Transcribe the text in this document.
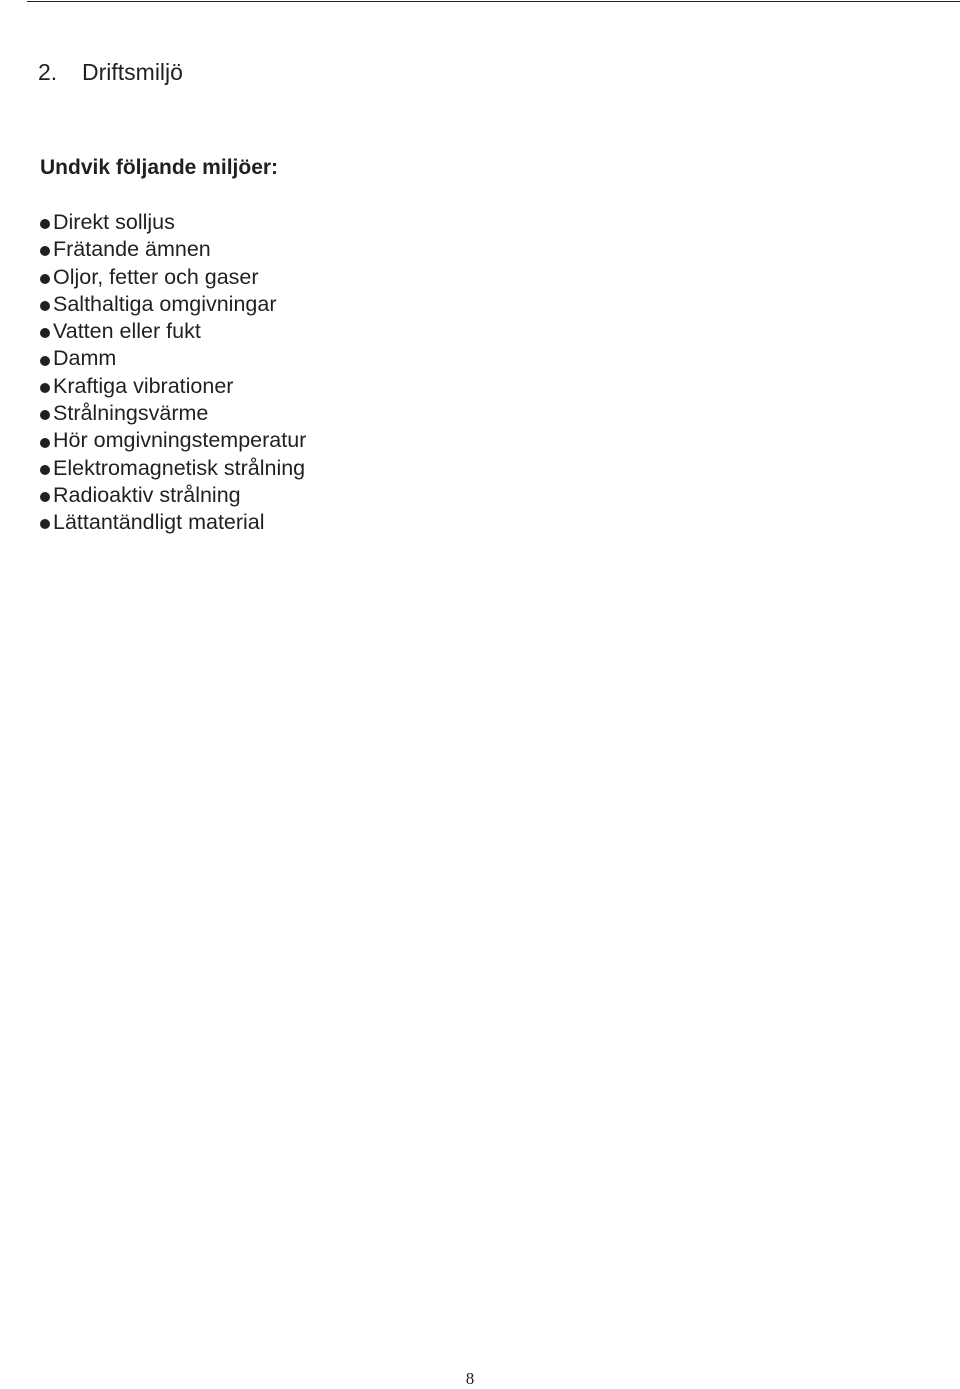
2. Driftsmiljö
Undvik följande miljöer:
Direkt solljus
Frätande ämnen
Oljor, fetter och gaser
Salthaltiga omgivningar
Vatten eller fukt
Damm
Kraftiga vibrationer
Strålningsvärme
Hör omgivningstemperatur
Elektromagnetisk strålning
Radioaktiv strålning
Lättantändligt material
8
